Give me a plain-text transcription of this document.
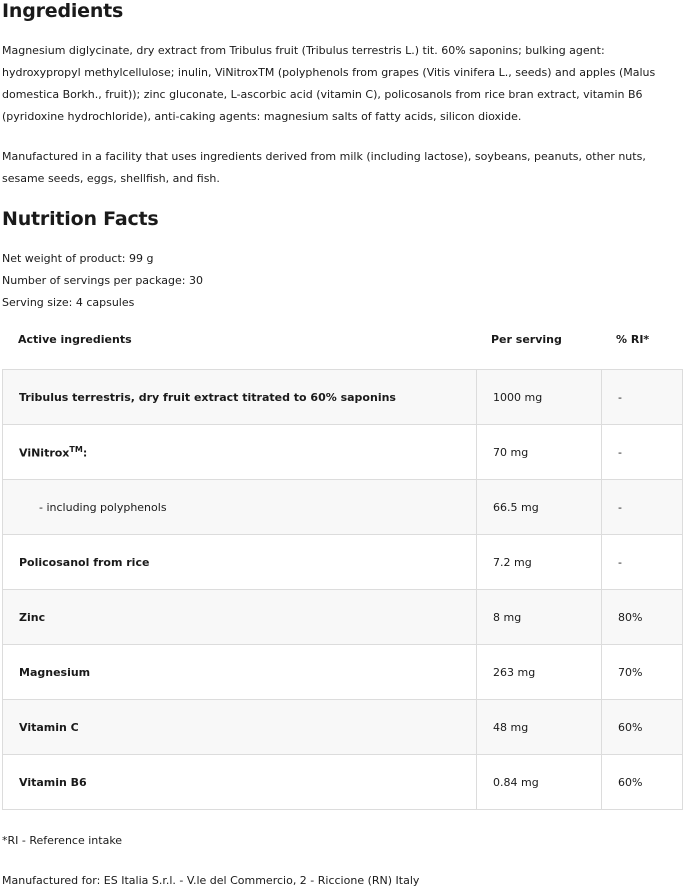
Ingredients

Magnesium diglycinate, dry extract from Tribulus fruit (Tribulus terrestris L.) tit. 60% saponins; bulking agent: hydroxypropyl methylcellulose; inulin, ViNitroxTM (polyphenols from grapes (Vitis vinifera L., seeds) and apples (Malus domestica Borkh., fruit)); zinc gluconate, L-ascorbic acid (vitamin C), policosanols from rice bran extract, vitamin B6 (pyridoxine hydrochloride), anti-caking agents: magnesium salts of fatty acids, silicon dioxide.

Manufactured in a facility that uses ingredients derived from milk (including lactose), soybeans, peanuts, other nuts, sesame seeds, eggs, shellfish, and fish.

Nutrition Facts
Net weight of product: 99 g
Number of servings per package: 30
Serving size: 4 capsules
Active ingredients	Per serving	% RI*
Tribulus terrestris, dry fruit extract titrated to 60% saponins	1000 mg	-
ViNitrox™:	70 mg	-
- including polyphenols	66.5 mg	-
Policosanol from rice	7.2 mg	-
Zinc	8 mg	80%
Magnesium	263 mg	70%
Vitamin C	48 mg	60%
Vitamin B6	0.84 mg	60%
*RI - Reference intake
Manufactured for: ES Italia S.r.l. - V.le del Commercio, 2 - Riccione (RN) Italy
